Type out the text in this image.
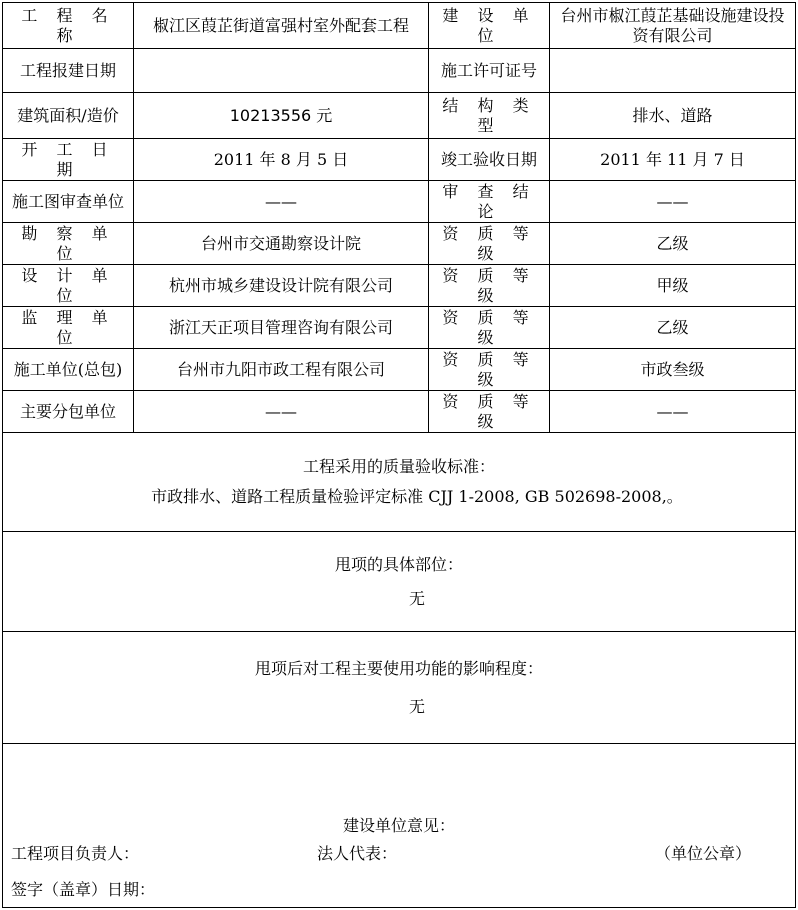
工 程 名 称	椒江区葭芷街道富强村室外配套工程	建 设 单 位	台州市椒江葭芷基础设施建设投资有限公司
工程报建日期		施工许可证号	
建筑面积/造价	10213556 元	结 构 类 型	排水、道路
开 工 日 期	2011 年 8 月 5 日	竣工验收日期	2011 年 11 月 7 日
施工图审查单位	——	审 查 结 论	——
勘 察 单 位	台州市交通勘察设计院	资 质 等 级	乙级
设 计 单 位	杭州市城乡建设设计院有限公司	资 质 等 级	甲级
监 理 单 位	浙江天正项目管理咨询有限公司	资 质 等 级	乙级
施工单位(总包)	台州市九阳市政工程有限公司	资 质 等 级	市政叁级
主要分包单位	——	资 质 等 级	——

工程采用的质量验收标准：
市政排水、道路工程质量检验评定标准 CJJ 1-2008, GB 502698-2008,。			

甩项的具体部位：
无			

甩项后对工程主要使用功能的影响程度：
无			

建设单位意见：
工程项目负责人： 法人代表： （单位公章）
签字（盖章）日期：			
